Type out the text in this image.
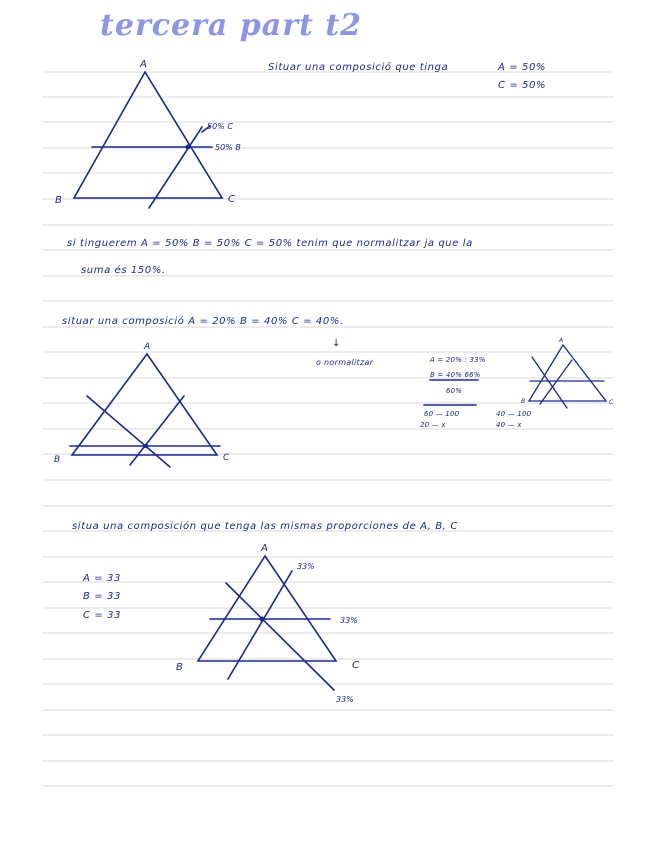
tercera part t2
Situar una composició que tinga	A = 50%
C = 50%
A
B	C
50% C
50% B
si tinguerem A = 50% B = 50% C = 50% tenim que normalitzar ja que la
suma és 150%.
situar una composició A = 20% B = 40% C = 40%.
↓
o normalitzar	A = 20% : 33%
B = 40% 66%
60%
60 — 100
20 — x
40 — 100
40 — x
A
B	C
A
B	C
situa una composición que tenga las mismas proporciones de A, B, C
A = 33
B = 33
C = 33
A
B	C
33%
33%
33%
